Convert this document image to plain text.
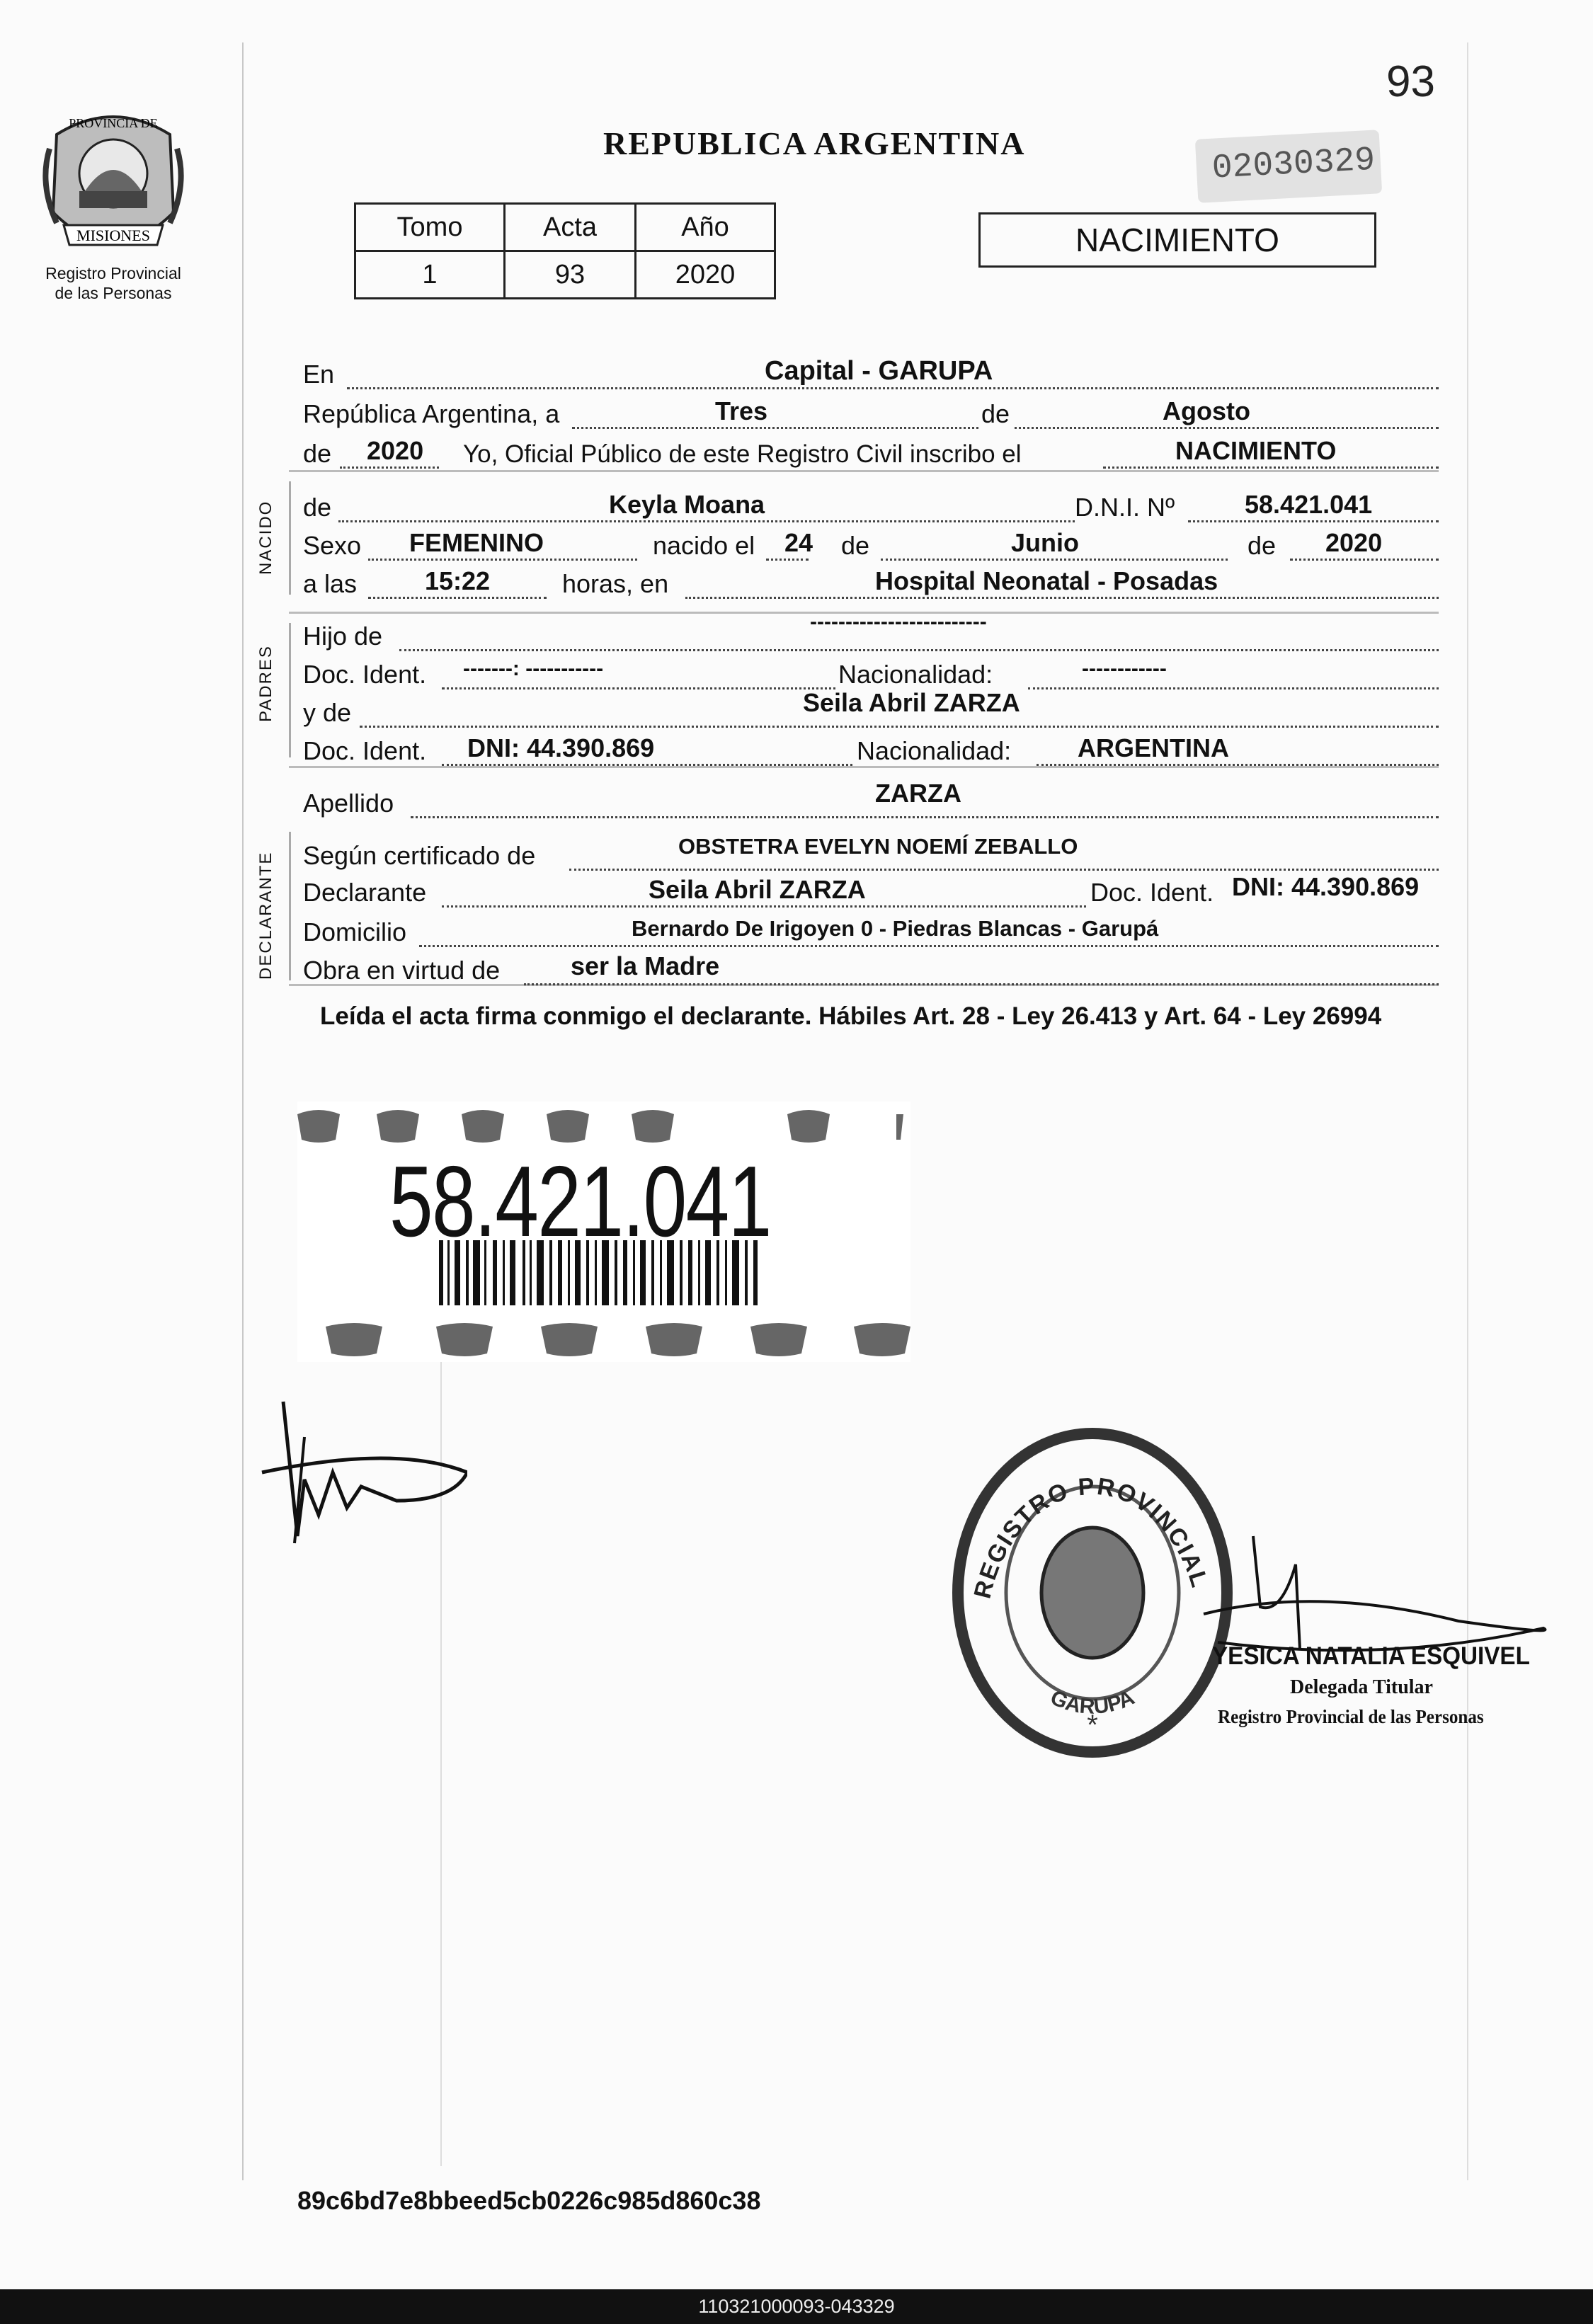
93
REPUBLICA ARGENTINA	02030329
PROVINCIA DE
MISIONES
Registro Provincial
de las Personas
Tomo	Acta	Año
1	93	2020
NACIMIENTO
NACIDO
PADRES
DECLARANTE
En	Capital - GARUPA
República Argentina, a	Tres	de	Agosto
de 2020 Yo, Oficial Público de este Registro Civil inscribo el	NACIMIENTO
de	Keyla Moana	D.N.I. Nº	58.421.041
Sexo FEMENINO	nacido el 24 de	Junio	de 2020
a las	15:22	horas, en	Hospital Neonatal - Posadas
Hijo de	-------------------------
Doc. Ident. -------: -----------	Nacionalidad:	------------
y de	Seila Abril ZARZA
Doc. Ident. DNI: 44.390.869	Nacionalidad:	ARGENTINA
Apellido	ZARZA
Según certificado de	OBSTETRA EVELYN NOEMÍ ZEBALLO
Declarante	Seila Abril ZARZA	Doc. Ident. DNI: 44.390.869
Domicilio	Bernardo De Irigoyen 0 - Piedras Blancas - Garupá
Obra en virtud de	ser la Madre
Leída el acta firma conmigo el declarante. Hábiles Art. 28 - Ley 26.413 y Art. 64 - Ley 26994
58.421.041
REGISTRO PROVINCIAL
GARUPA
*
YESICA NATALIA ESQUIVEL
Delegada Titular
Registro Provincial de las Personas
89c6bd7e8bbeed5cb0226c985d860c38
110321000093-043329
